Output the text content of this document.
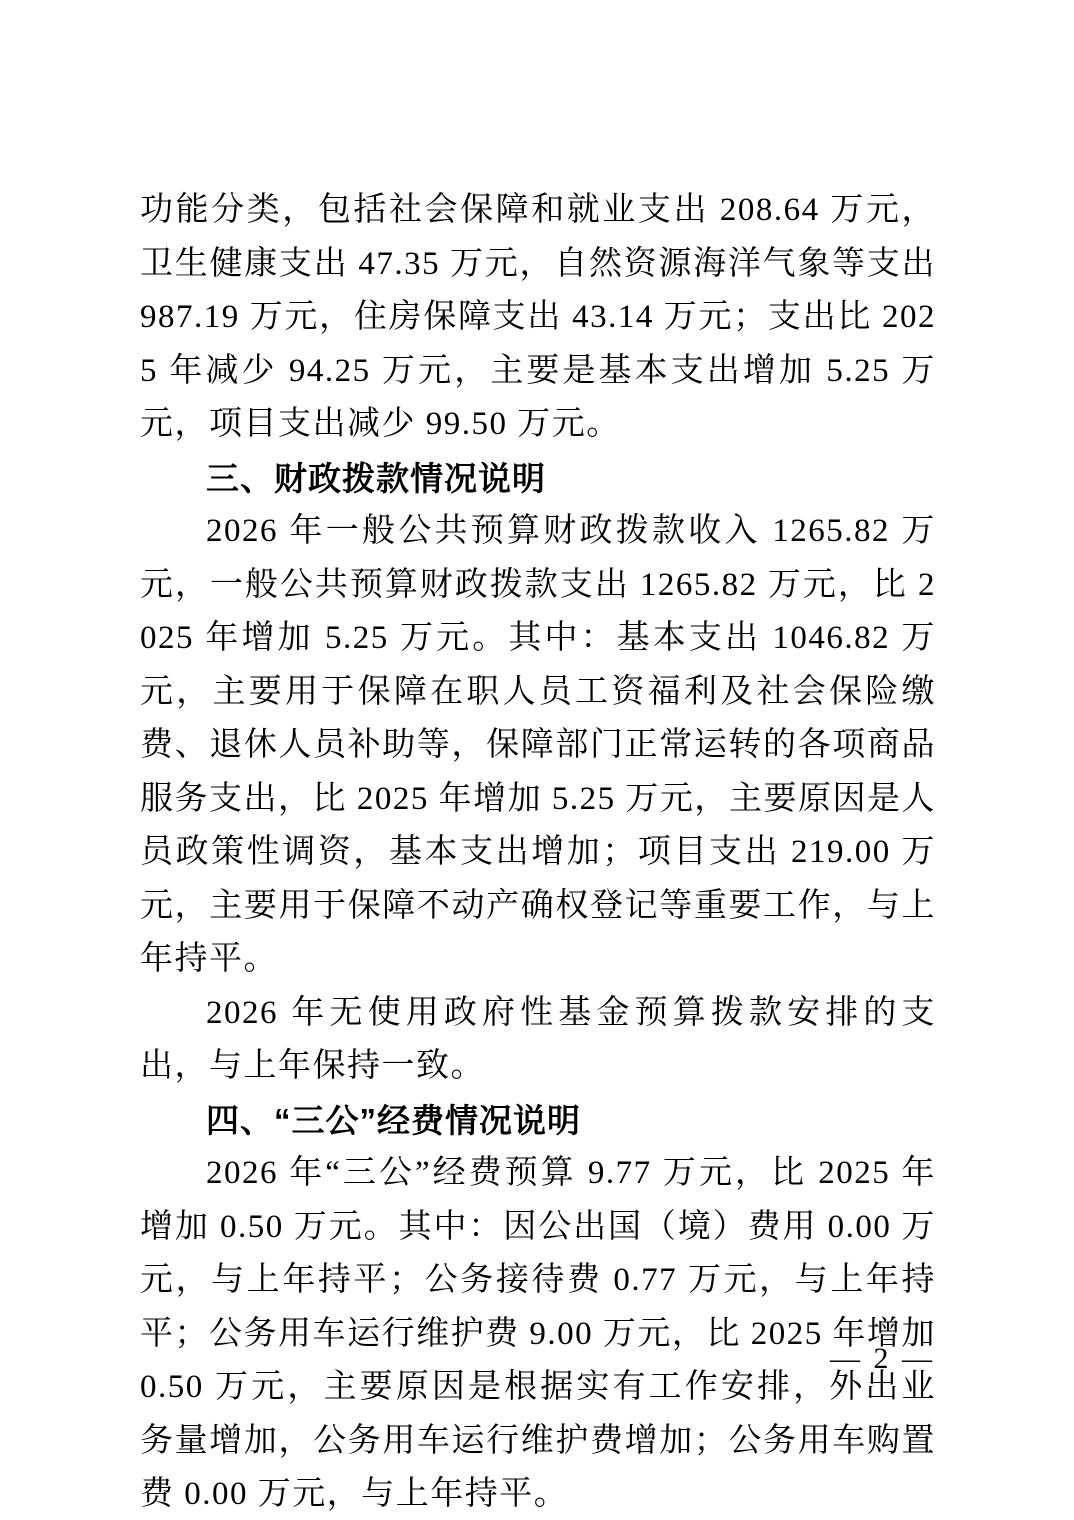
功能分类，包括社会保障和就业支出 208.64 万元，卫生健康支出 47.35 万元，自然资源海洋气象等支出 987.19 万元，住房保障支出 43.14 万元；支出比 2025 年减少 94.25 万元，主要是基本支出增加 5.25 万元，项目支出减少 99.50 万元。

三、财政拨款情况说明

2026 年一般公共预算财政拨款收入 1265.82 万元，一般公共预算财政拨款支出 1265.82 万元，比 2025 年增加 5.25 万元。其中：基本支出 1046.82 万元，主要用于保障在职人员工资福利及社会保险缴费、退休人员补助等，保障部门正常运转的各项商品服务支出，比 2025 年增加 5.25 万元，主要原因是人员政策性调资，基本支出增加；项目支出 219.00 万元，主要用于保障不动产确权登记等重要工作，与上年持平。

2026 年无使用政府性基金预算拨款安排的支出，与上年保持一致。

四、“三公”经费情况说明

2026 年“三公”经费预算 9.77 万元，比 2025 年增加 0.50 万元。其中：因公出国（境）费用 0.00 万元，与上年持平；公务接待费 0.77 万元，与上年持平；公务用车运行维护费 9.00 万元，比 2025 年增加 0.50 万元，主要原因是根据实有工作安排，外出业务量增加，公务用车运行维护费增加；公务用车购置费 0.00 万元，与上年持平。

— 2 —
